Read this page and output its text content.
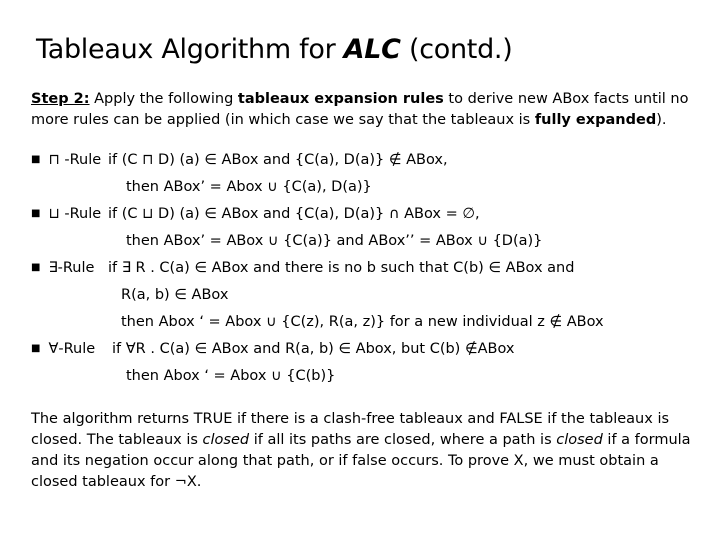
Tableaux Algorithm for ALC (contd.)
Step 2: Apply the following tableaux expansion rules to derive new ABox facts until no more rules can be applied (in which case we say that the tableaux is fully expanded).
■ ⊓ -Rule if (C ⊓ D) (a) ∈ ABox and {C(a), D(a)} ∉ ABox,
then ABox’ = Abox ∪ {C(a), D(a)}
■ ⊔ -Rule if (C ⊔ D) (a) ∈ ABox and {C(a), D(a)} ∩ ABox = ∅,
then ABox’ = ABox ∪ {C(a)} and ABox’’ = ABox ∪ {D(a)}
■ ∃-Rule if ∃ R . C(a) ∈ ABox and there is no b such that C(b) ∈ ABox and
R(a, b) ∈ ABox
then Abox ‘ = Abox ∪ {C(z), R(a, z)} for a new individual z ∉ ABox
■ ∀-Rule if ∀R . C(a) ∈ ABox and R(a, b) ∈ Abox, but C(b) ∉ABox
then Abox ‘ = Abox ∪ {C(b)}
The algorithm returns TRUE if there is a clash-free tableaux and FALSE if the tableaux is closed. The tableaux is closed if all its paths are closed, where a path is closed if a formula and its negation occur along that path, or if false occurs. To prove X, we must obtain a closed tableaux for ¬X.
